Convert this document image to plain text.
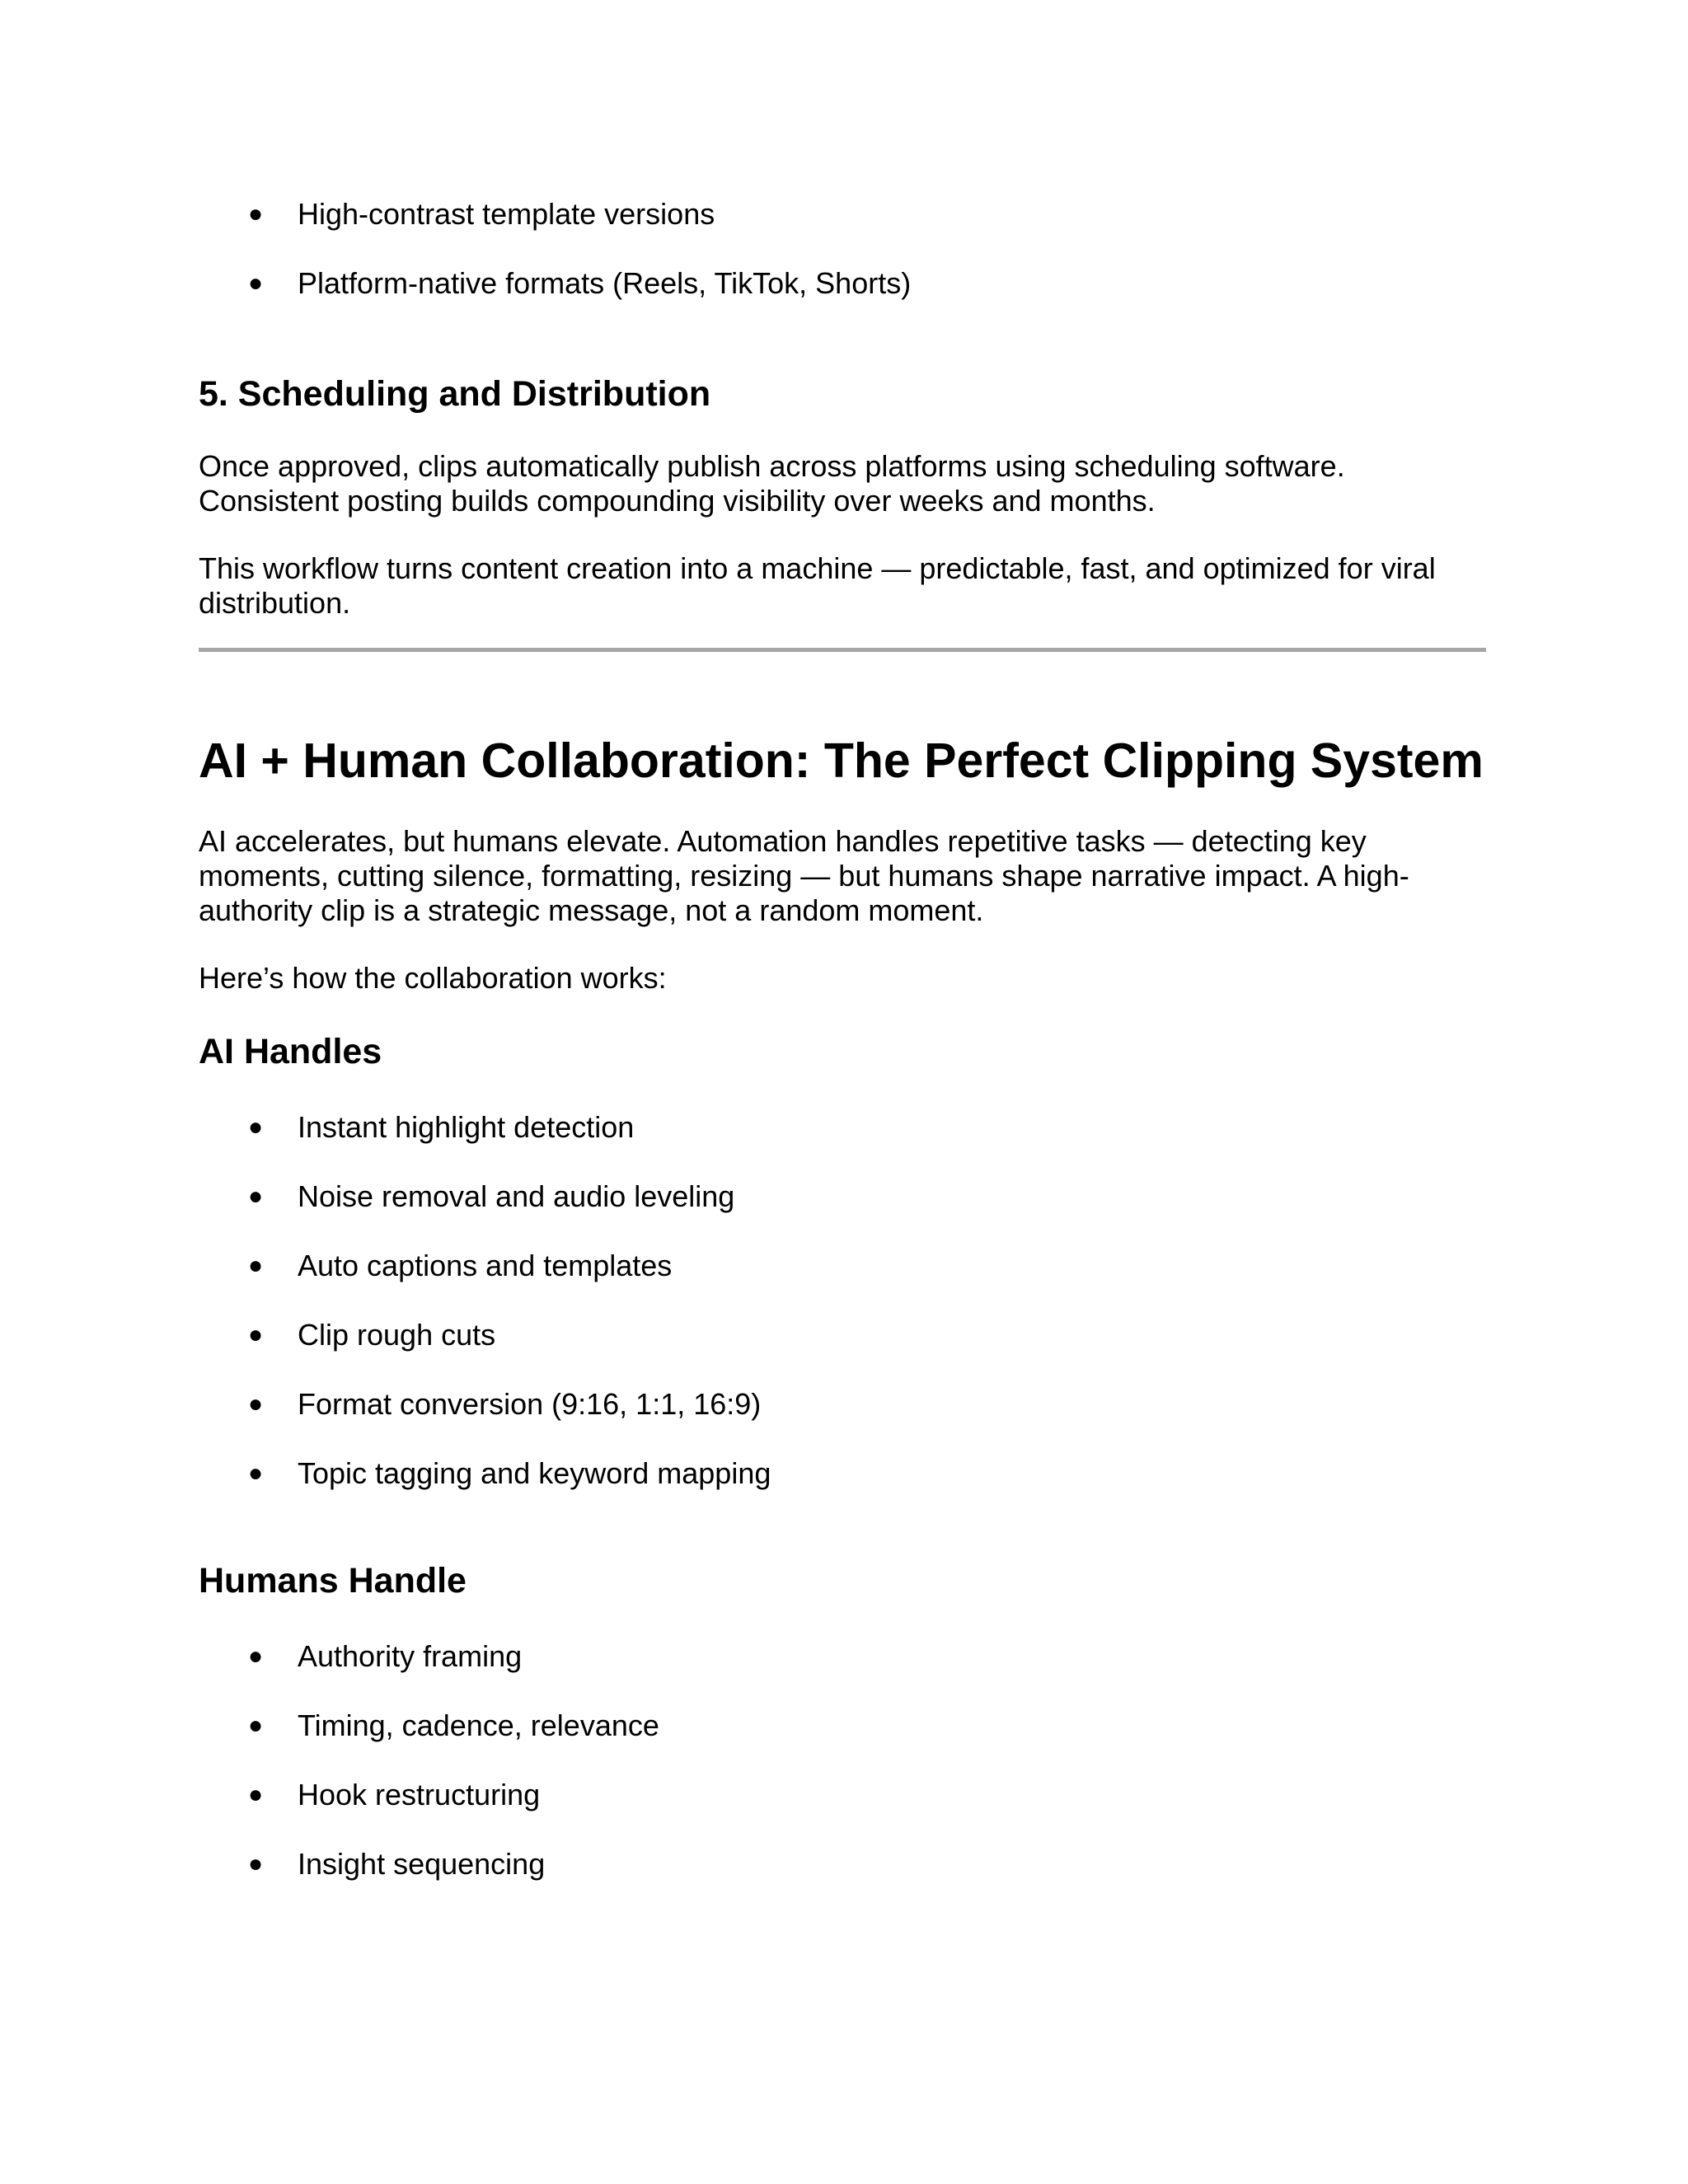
●	High-contrast template versions
●	Platform-native formats (Reels, TikTok, Shorts)
5. Scheduling and Distribution
Once approved, clips automatically publish across platforms using scheduling software.
Consistent posting builds compounding visibility over weeks and months.
This workflow turns content creation into a machine — predictable, fast, and optimized for viral
distribution.
AI + Human Collaboration: The Perfect Clipping System
AI accelerates, but humans elevate. Automation handles repetitive tasks — detecting key
moments, cutting silence, formatting, resizing — but humans shape narrative impact. A high-
authority clip is a strategic message, not a random moment.
Here’s how the collaboration works:
AI Handles
●	Instant highlight detection
●	Noise removal and audio leveling
●	Auto captions and templates
●	Clip rough cuts
●	Format conversion (9:16, 1:1, 16:9)
●	Topic tagging and keyword mapping
Humans Handle
●	Authority framing
●	Timing, cadence, relevance
●	Hook restructuring
●	Insight sequencing
